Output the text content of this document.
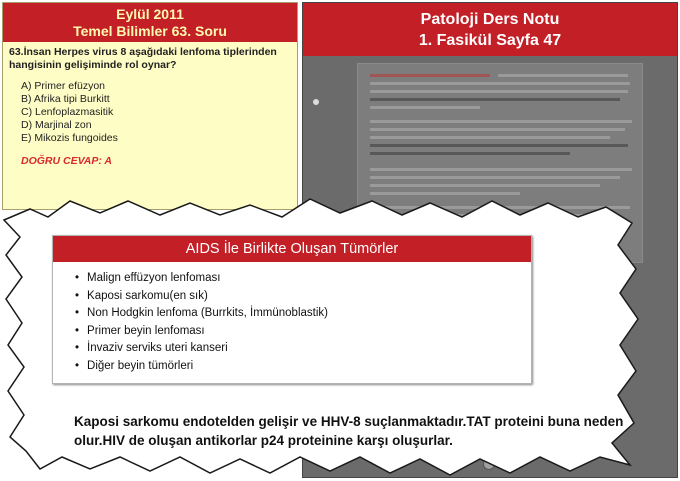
Eylül 2011
Temel Bilimler 63. Soru
63.İnsan Herpes virus 8 aşağıdaki lenfoma tiplerinden hangisinin gelişiminde rol oynar?
A) Primer efüzyon
B) Afrika tipi Burkitt
C) Lenfoplazmasitik
D) Marjinal zon
E) Mikozis fungoides
DOĞRU CEVAP: A
Patoloji Ders Notu
1. Fasikül Sayfa 47
AIDS İle Birlikte Oluşan Tümörler
• Malign effüzyon lenfoması
• Kaposi sarkomu(en sık)
• Non Hodgkin lenfoma (Burrkits, İmmünoblastik)
• Primer beyin lenfoması
• İnvaziv serviks uteri kanseri
• Diğer beyin tümörleri
Kaposi sarkomu endotelden gelişir ve HHV-8 suçlanmaktadır.TAT proteini buna neden olur.HIV de oluşan antikorlar p24 proteinine karşı oluşurlar.
